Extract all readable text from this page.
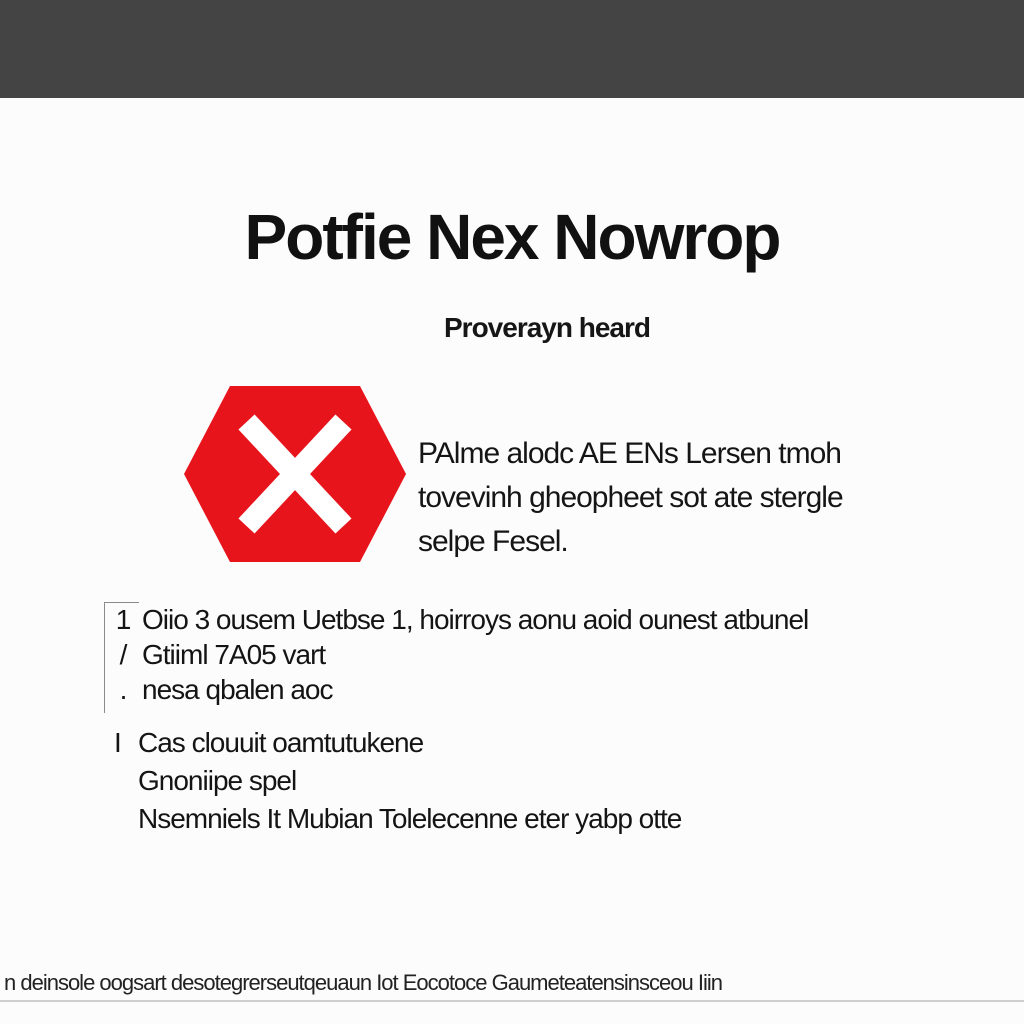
Potfie Nex Nowrop
Proverayn heard
PAlme alodc AE ENs Lersen tmoh
tovevinh gheopheet sot ate stergle
selpe Fesel.
1 Oiio 3 ousem Uetbse 1, hoirroys aonu aoid ounest atbunel
/ Gtiiml 7A05 vart
. nesa qbalen aoc
I Cas clouuit oamtutukene
Gnoniipe spel
Nsemniels It Mubian Tolelecenne eter yabp otte
n deinsole oogsart desotegrerseutqeuaun Iot Eocotoce Gaumeteatensinsceou Iiin
